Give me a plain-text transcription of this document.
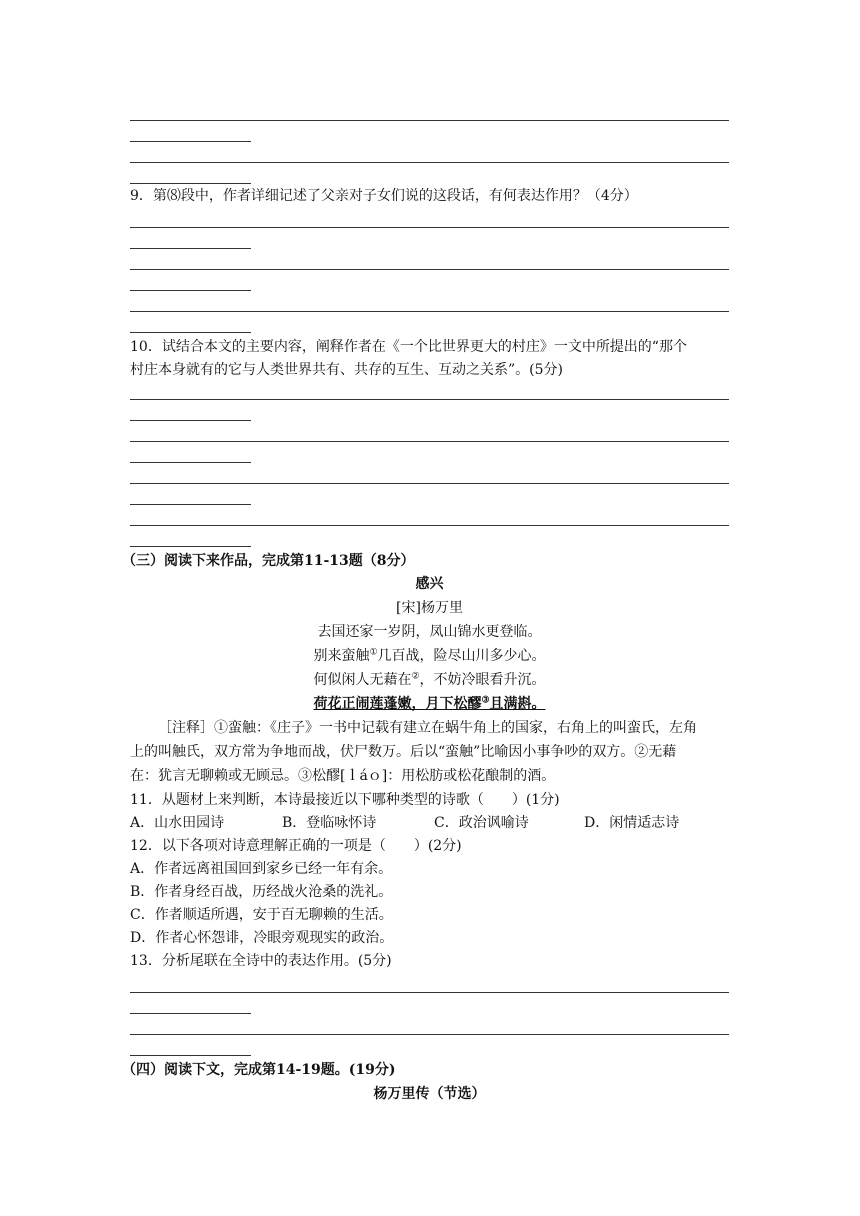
9．第⑻段中，作者详细记述了父亲对子女们说的这段话，有何表达作用？（4分）
10．试结合本文的主要内容，阐释作者在《一个比世界更大的村庄》一文中所提出的“那个
村庄本身就有的它与人类世界共有、共存的互生、互动之关系”。(5分)
（三）阅读下来作品，完成第11-13题（8分）
感兴
[宋]杨万里
去国还家一岁阴，凤山锦水更登临。
别来蛮触①几百战，险尽山川多少心。
何似闲人无藉在②，不妨冷眼看升沉。
荷花正闹莲蓬嫩，月下松醪③且满斟。
［注释］①蛮触：《庄子》一书中记载有建立在蜗牛角上的国家，右角上的叫蛮氏，左角
上的叫触氏，双方常为争地而战，伏尸数万。后以“蛮触”比喻因小事争吵的双方。②无藉
在：犹言无聊赖或无顾忌。③松醪[ｌáｏ]：用松肪或松花酿制的酒。
11．从题材上来判断，本诗最接近以下哪种类型的诗歌（　　）(1分)
A．山水田园诗	B．登临咏怀诗	C．政治讽喻诗	D．闲情适志诗
12．以下各项对诗意理解正确的一项是（　　）(2分)
A．作者远离祖国回到家乡已经一年有余。
B．作者身经百战，历经战火沧桑的洗礼。
C．作者顺适所遇，安于百无聊赖的生活。
D．作者心怀怨诽，冷眼旁观现实的政治。
13．分析尾联在全诗中的表达作用。(5分)
（四）阅读下文，完成第14-19题。(19分)
杨万里传（节选）
